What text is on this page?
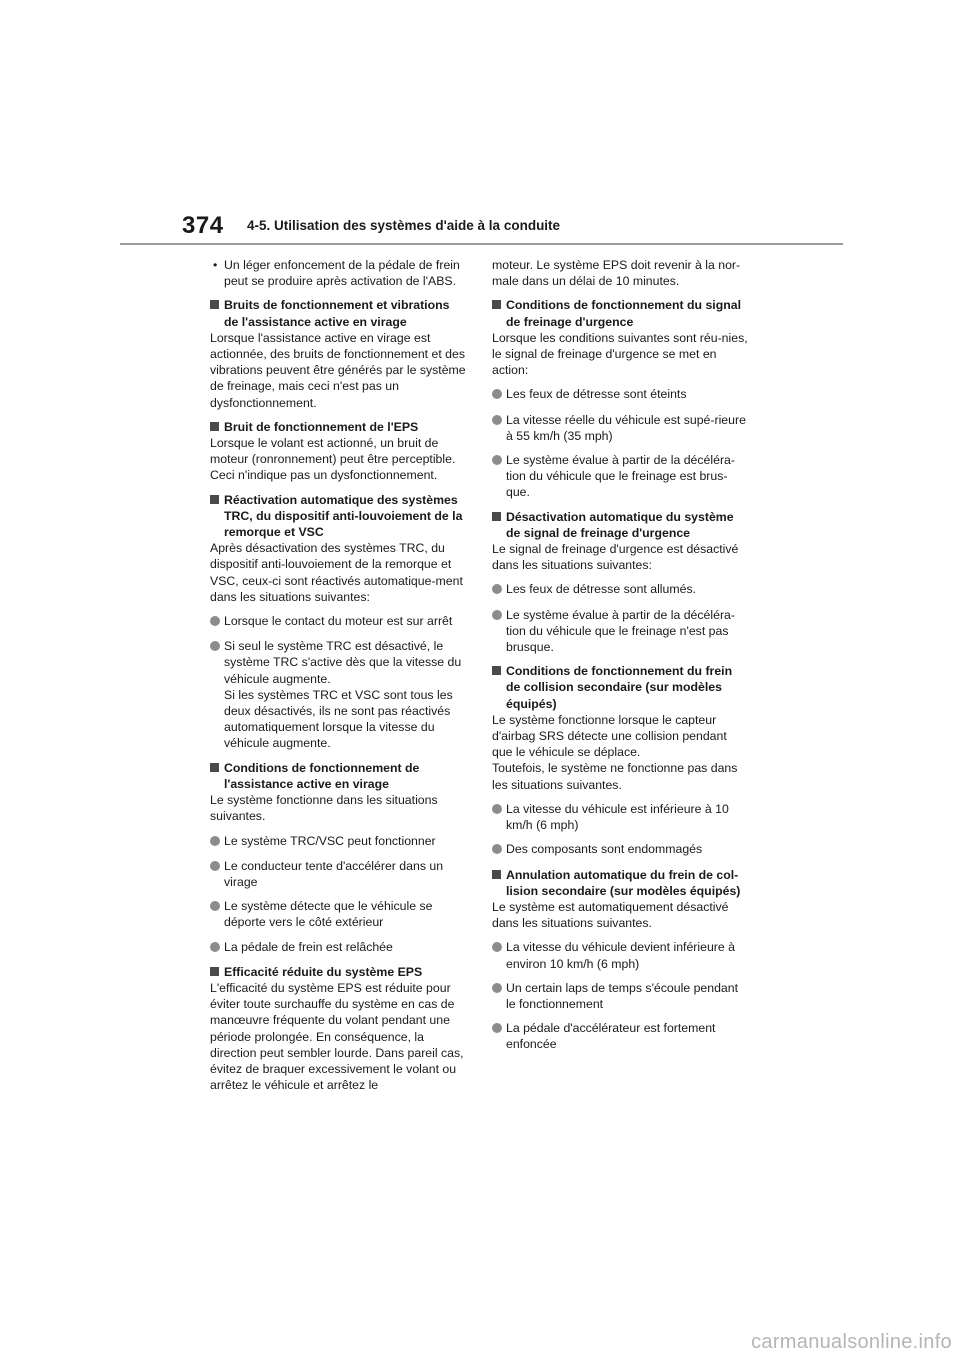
374 4-5. Utilisation des systèmes d'aide à la conduite
• Un léger enfoncement de la pédale de frein peut se produire après activation de l'ABS.
Bruits de fonctionnement et vibrations de l'assistance active en virage
Lorsque l'assistance active en virage est actionnée, des bruits de fonctionnement et des vibrations peuvent être générés par le système de freinage, mais ceci n'est pas un dysfonctionnement.
Bruit de fonctionnement de l'EPS
Lorsque le volant est actionné, un bruit de moteur (ronronnement) peut être perceptible. Ceci n'indique pas un dysfonctionnement.
Réactivation automatique des systèmes TRC, du dispositif anti-louvoiement de la remorque et VSC
Après désactivation des systèmes TRC, du dispositif anti-louvoiement de la remorque et VSC, ceux-ci sont réactivés automatique-ment dans les situations suivantes:
Lorsque le contact du moteur est sur arrêt
Si seul le système TRC est désactivé, le système TRC s'active dès que la vitesse du véhicule augmente.
Si les systèmes TRC et VSC sont tous les deux désactivés, ils ne sont pas réactivés automatiquement lorsque la vitesse du véhicule augmente.
Conditions de fonctionnement de l'assistance active en virage
Le système fonctionne dans les situations suivantes.
Le système TRC/VSC peut fonctionner
Le conducteur tente d'accélérer dans un virage
Le système détecte que le véhicule se déporte vers le côté extérieur
La pédale de frein est relâchée
Efficacité réduite du système EPS
L'efficacité du système EPS est réduite pour éviter toute surchauffe du système en cas de manœuvre fréquente du volant pendant une période prolongée. En conséquence, la direction peut sembler lourde. Dans pareil cas, évitez de braquer excessivement le volant ou arrêtez le véhicule et arrêtez le
moteur. Le système EPS doit revenir à la nor-male dans un délai de 10 minutes.
Conditions de fonctionnement du signal de freinage d'urgence
Lorsque les conditions suivantes sont réu-nies, le signal de freinage d'urgence se met en action:
Les feux de détresse sont éteints
La vitesse réelle du véhicule est supé-rieure à 55 km/h (35 mph)
Le système évalue à partir de la décéléra-tion du véhicule que le freinage est brus-que.
Désactivation automatique du système de signal de freinage d'urgence
Le signal de freinage d'urgence est désactivé dans les situations suivantes:
Les feux de détresse sont allumés.
Le système évalue à partir de la décéléra-tion du véhicule que le freinage n'est pas brusque.
Conditions de fonctionnement du frein de collision secondaire (sur modèles équipés)
Le système fonctionne lorsque le capteur d'airbag SRS détecte une collision pendant que le véhicule se déplace.
Toutefois, le système ne fonctionne pas dans les situations suivantes.
La vitesse du véhicule est inférieure à 10 km/h (6 mph)
Des composants sont endommagés
Annulation automatique du frein de col-lision secondaire (sur modèles équipés)
Le système est automatiquement désactivé dans les situations suivantes.
La vitesse du véhicule devient inférieure à environ 10 km/h (6 mph)
Un certain laps de temps s'écoule pendant le fonctionnement
La pédale d'accélérateur est fortement enfoncée
carmanualsonline.info
